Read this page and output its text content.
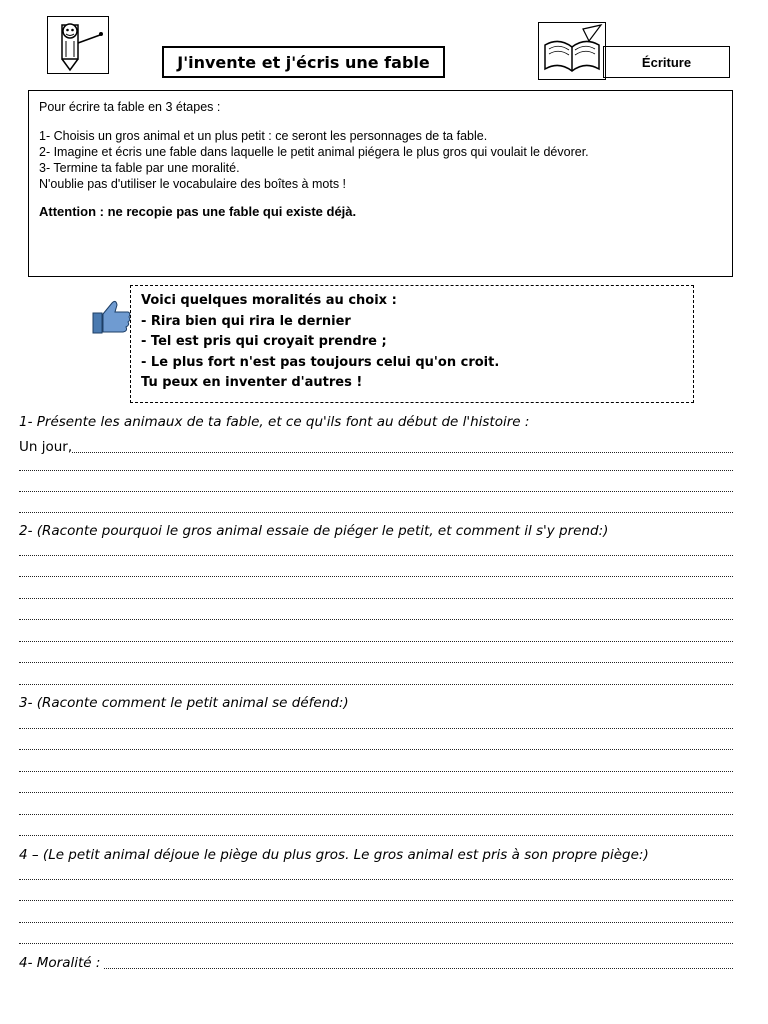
J'invente et j'écris une fable	Écriture

Pour écrire ta fable en 3 étapes :

1- Choisis un gros animal et un plus petit : ce seront les personnages de ta fable.

2- Imagine et écris une fable dans laquelle le petit animal piégera le plus gros qui voulait le dévorer.

3- Termine ta fable par une moralité.

N'oublie pas d'utiliser le vocabulaire des boîtes à mots !

Attention : ne recopie pas une fable qui existe déjà.

Voici quelques moralités au choix :

- Rira bien qui rira le dernier

- Tel est pris qui croyait prendre ;

- Le plus fort n'est pas toujours celui qu'on croit.

Tu peux en inventer d'autres !

1- Présente les animaux de ta fable, et ce qu'ils font au début de l'histoire :
Un jour,
2- (Raconte pourquoi le gros animal essaie de piéger le petit, et comment il s'y prend:)
3- (Raconte comment le petit animal se défend:)
4 – (Le petit animal déjoue le piège du plus gros. Le gros animal est pris à son propre piège:)
4- Moralité :
